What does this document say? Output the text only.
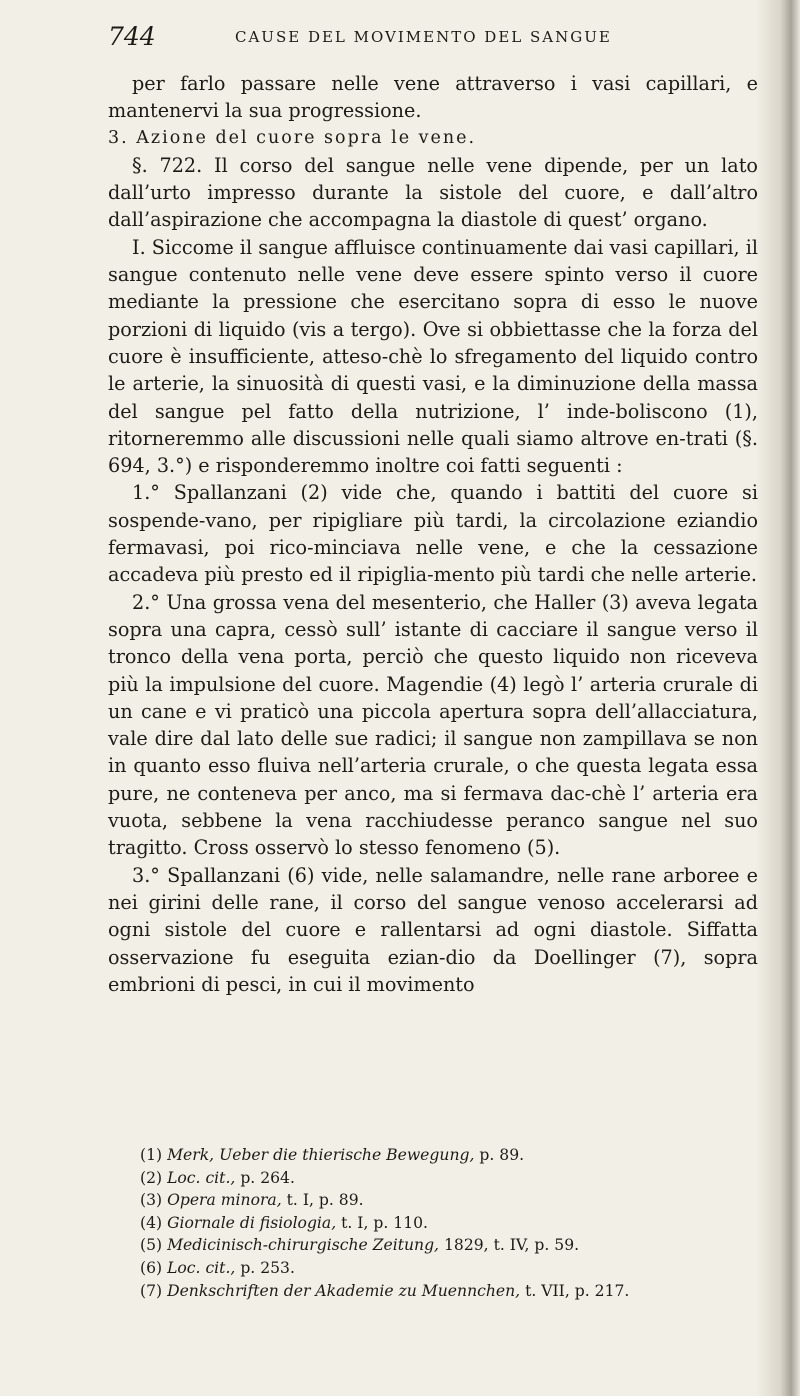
744	CAUSE DEL MOVIMENTO DEL SANGUE

per farlo passare nelle vene attraverso i vasi capillari, e mantenervi la sua progressione.

3. Azione del cuore sopra le vene.

§. 722. Il corso del sangue nelle vene dipende, per un lato dall’urto impresso durante la sistole del cuore, e dall’altro dall’aspirazione che accompagna la diastole di quest’ organo.

I. Siccome il sangue affluisce continuamente dai vasi capillari, il sangue contenuto nelle vene deve essere spinto verso il cuore mediante la pressione che esercitano sopra di esso le nuove porzioni di liquido (vis a tergo). Ove si obbiettasse che la forza del cuore è insufficiente, atteso-chè lo sfregamento del liquido contro le arterie, la sinuosità di questi vasi, e la diminuzione della massa del sangue pel fatto della nutrizione, l’ inde-boliscono (1), ritorneremmo alle discussioni nelle quali siamo altrove en-trati (§. 694, 3.°) e risponderemmo inoltre coi fatti seguenti :

1.° Spallanzani (2) vide che, quando i battiti del cuore si sospende-vano, per ripigliare più tardi, la circolazione eziandio fermavasi, poi rico-minciava nelle vene, e che la cessazione accadeva più presto ed il ripiglia-mento più tardi che nelle arterie.

2.° Una grossa vena del mesenterio, che Haller (3) aveva legata sopra una capra, cessò sull’ istante di cacciare il sangue verso il tronco della vena porta, perciò che questo liquido non riceveva più la impulsione del cuore. Magendie (4) legò l’ arteria crurale di un cane e vi praticò una piccola apertura sopra dell’allacciatura, vale dire dal lato delle sue radici; il sangue non zampillava se non in quanto esso fluiva nell’arteria crurale, o che questa legata essa pure, ne conteneva per anco, ma si fermava dac-chè l’ arteria era vuota, sebbene la vena racchiudesse peranco sangue nel suo tragitto. Cross osservò lo stesso fenomeno (5).

3.° Spallanzani (6) vide, nelle salamandre, nelle rane arboree e nei girini delle rane, il corso del sangue venoso accelerarsi ad ogni sistole del cuore e rallentarsi ad ogni diastole. Siffatta osservazione fu eseguita ezian-dio da Doellinger (7), sopra embrioni di pesci, in cui il movimento

(1) Merk, Ueber die thierische Bewegung, p. 89.
(2) Loc. cit., p. 264.
(3) Opera minora, t. I, p. 89.
(4) Giornale di fisiologia, t. I, p. 110.
(5) Medicinisch-chirurgische Zeitung, 1829, t. IV, p. 59.
(6) Loc. cit., p. 253.
(7) Denkschriften der Akademie zu Muennchen, t. VII, p. 217.
